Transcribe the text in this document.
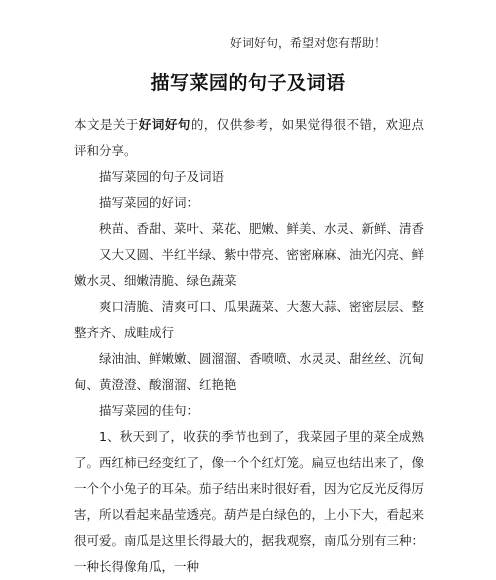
好词好句，希望对您有帮助！
描写菜园的句子及词语

本文是关于好词好句的，仅供参考，如果觉得很不错，欢迎点评和分享。

描写菜园的句子及词语

描写菜园的好词：

秧苗、香甜、菜叶、菜花、肥嫩、鲜美、水灵、新鲜、清香

又大又圆、半红半绿、紫中带亮、密密麻麻、油光闪亮、鲜嫩水灵、细嫩清脆、绿色蔬菜

爽口清脆、清爽可口、瓜果蔬菜、大葱大蒜、密密层层、整整齐齐、成畦成行

绿油油、鲜嫩嫩、圆溜溜、香喷喷、水灵灵、甜丝丝、沉甸甸、黄澄澄、酸溜溜、红艳艳

描写菜园的佳句：

1、秋天到了，收获的季节也到了，我菜园子里的菜全成熟了。西红柿已经变红了，像一个个红灯笼。扁豆也结出来了，像一个个小兔子的耳朵。茄子结出来时很好看，因为它反光反得厉害，所以看起来晶莹透亮。葫芦是白绿色的，上小下大，看起来很可爱。南瓜是这里长得最大的，据我观察，南瓜分别有三种：一种长得像角瓜，一种
